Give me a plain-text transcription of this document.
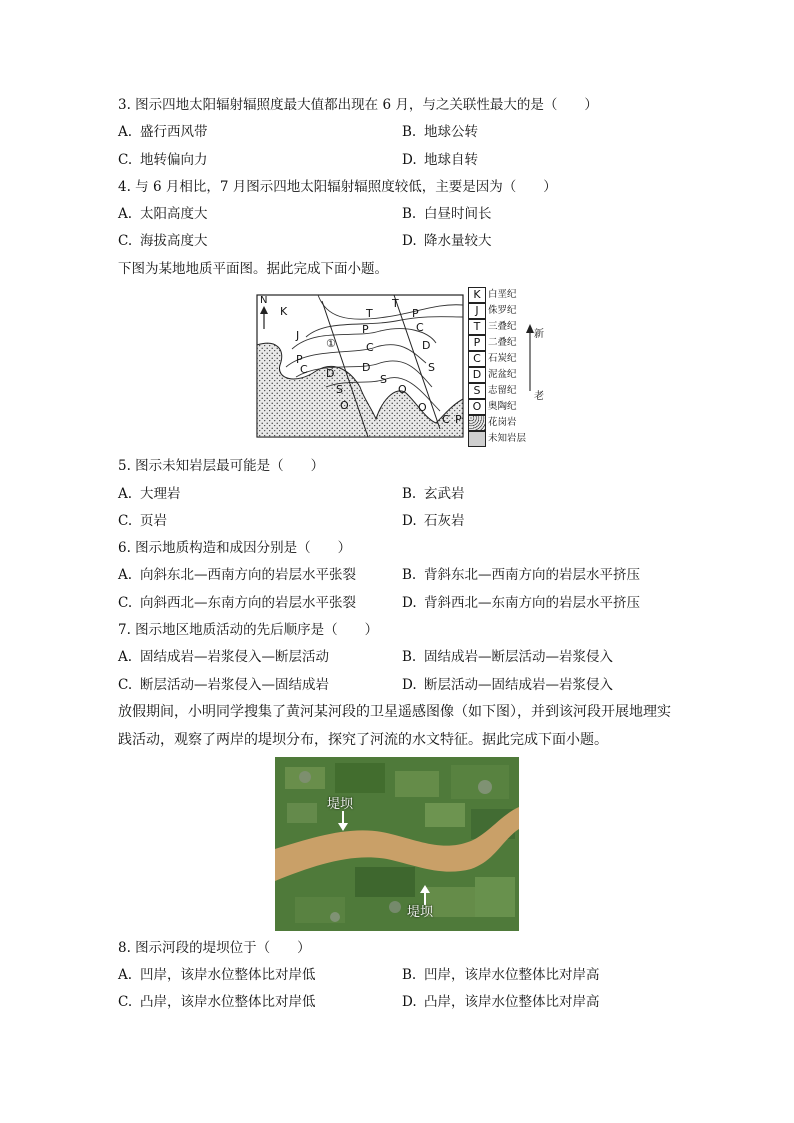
3. 图示四地太阳辐射辐照度最大值都出现在 6 月，与之关联性最大的是（　　）
A. 盛行西风带	B. 地球公转
C. 地转偏向力	D. 地球自转
4. 与 6 月相比，7 月图示四地太阳辐射辐照度较低，主要是因为（　　）
A. 太阳高度大	B. 白昼时间长
C. 海拔高度大	D. 降水量较大
下图为某地地质平面图。据此完成下面小题。
N
K
J
T
T
P
P
P
P
C
C
C
C
D	D
D
S
S
S
O
O
O
①
K 白垩纪
J 侏罗纪
T 三叠纪
P 二叠纪
C 石炭纪
D 泥盆纪
S 志留纪
O 奥陶纪
花岗岩
未知岩层
新
老
5. 图示未知岩层最可能是（　　）
A. 大理岩	B. 玄武岩
C. 页岩	D. 石灰岩
6. 图示地质构造和成因分别是（　　）
A. 向斜东北—西南方向的岩层水平张裂	B. 背斜东北—西南方向的岩层水平挤压
C. 向斜西北—东南方向的岩层水平张裂	D. 背斜西北—东南方向的岩层水平挤压
7. 图示地区地质活动的先后顺序是（　　）
A. 固结成岩—岩浆侵入—断层活动	B. 固结成岩—断层活动—岩浆侵入
C. 断层活动—岩浆侵入—固结成岩	D. 断层活动—固结成岩—岩浆侵入
放假期间，小明同学搜集了黄河某河段的卫星遥感图像（如下图），并到该河段开展地理实
践活动，观察了两岸的堤坝分布，探究了河流的水文特征。据此完成下面小题。
堤坝
堤坝
8. 图示河段的堤坝位于（　　）
A. 凹岸，该岸水位整体比对岸低	B. 凹岸，该岸水位整体比对岸高
C. 凸岸，该岸水位整体比对岸低	D. 凸岸，该岸水位整体比对岸高
